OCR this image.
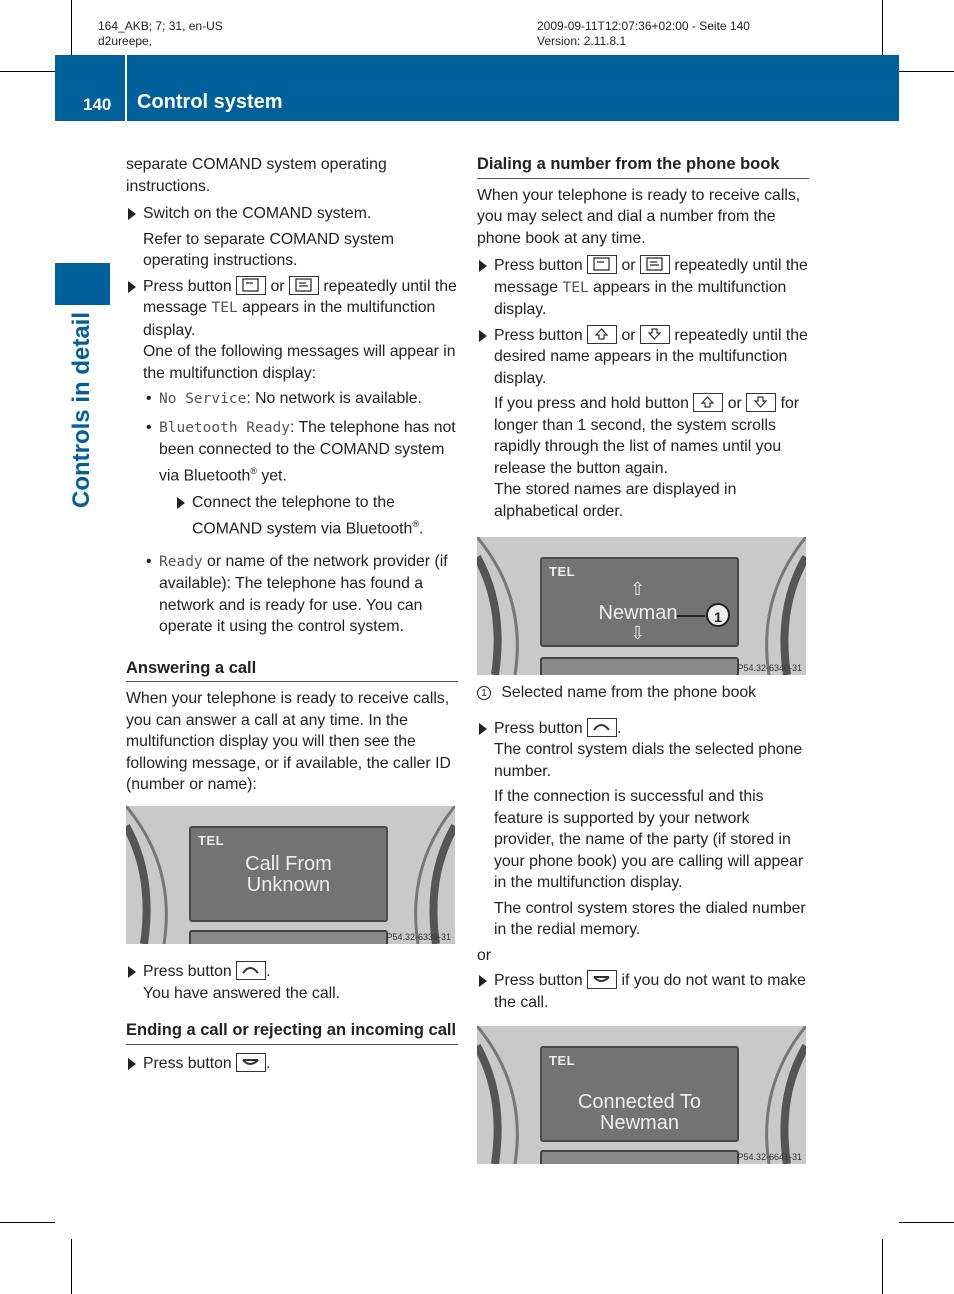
164_AKB; 7; 31, en-US
d2ureepe,
2009-09-11T12:07:36+02:00 - Seite 140
Version: 2.11.8.1
140 Control system
Controls in detail

separate COMAND system operating instructions.

Switch on the COMAND system.

Refer to separate COMAND system operating instructions.

Press button or repeatedly until the message TEL appears in the multifunction display.

One of the following messages will appear in the multifunction display:

• No Service: No network is available.

• Bluetooth Ready: The telephone has not been connected to the COMAND system via Bluetooth® yet.

Connect the telephone to the COMAND system via Bluetooth®.

• Ready or name of the network provider (if available): The telephone has found a network and is ready for use. You can operate it using the control system.

Answering a call

When your telephone is ready to receive calls, you can answer a call at any time. In the multifunction display you will then see the following message, or if available, the caller ID (number or name):

TEL
Call From
Unknown
P54.32-6339-31

Press button .

You have answered the call.

Ending a call or rejecting an incoming call

Press button .

Dialing a number from the phone book

When your telephone is ready to receive calls, you may select and dial a number from the phone book at any time.

Press button or repeatedly until the message TEL appears in the multifunction display.

Press button or repeatedly until the desired name appears in the multifunction display.

If you press and hold button or for longer than 1 second, the system scrolls rapidly through the list of names until you release the button again.

The stored names are displayed in alphabetical order.

TEL
⇧
Newman
⇩
1
P54.32-6340-31

1 Selected name from the phone book

Press button .

The control system dials the selected phone number.

If the connection is successful and this feature is supported by your network provider, the name of the party (if stored in your phone book) you are calling will appear in the multifunction display.

The control system stores the dialed number in the redial memory.

or

Press button if you do not want to make the call.

TEL
Connected To
Newman
P54.32-6641-31
